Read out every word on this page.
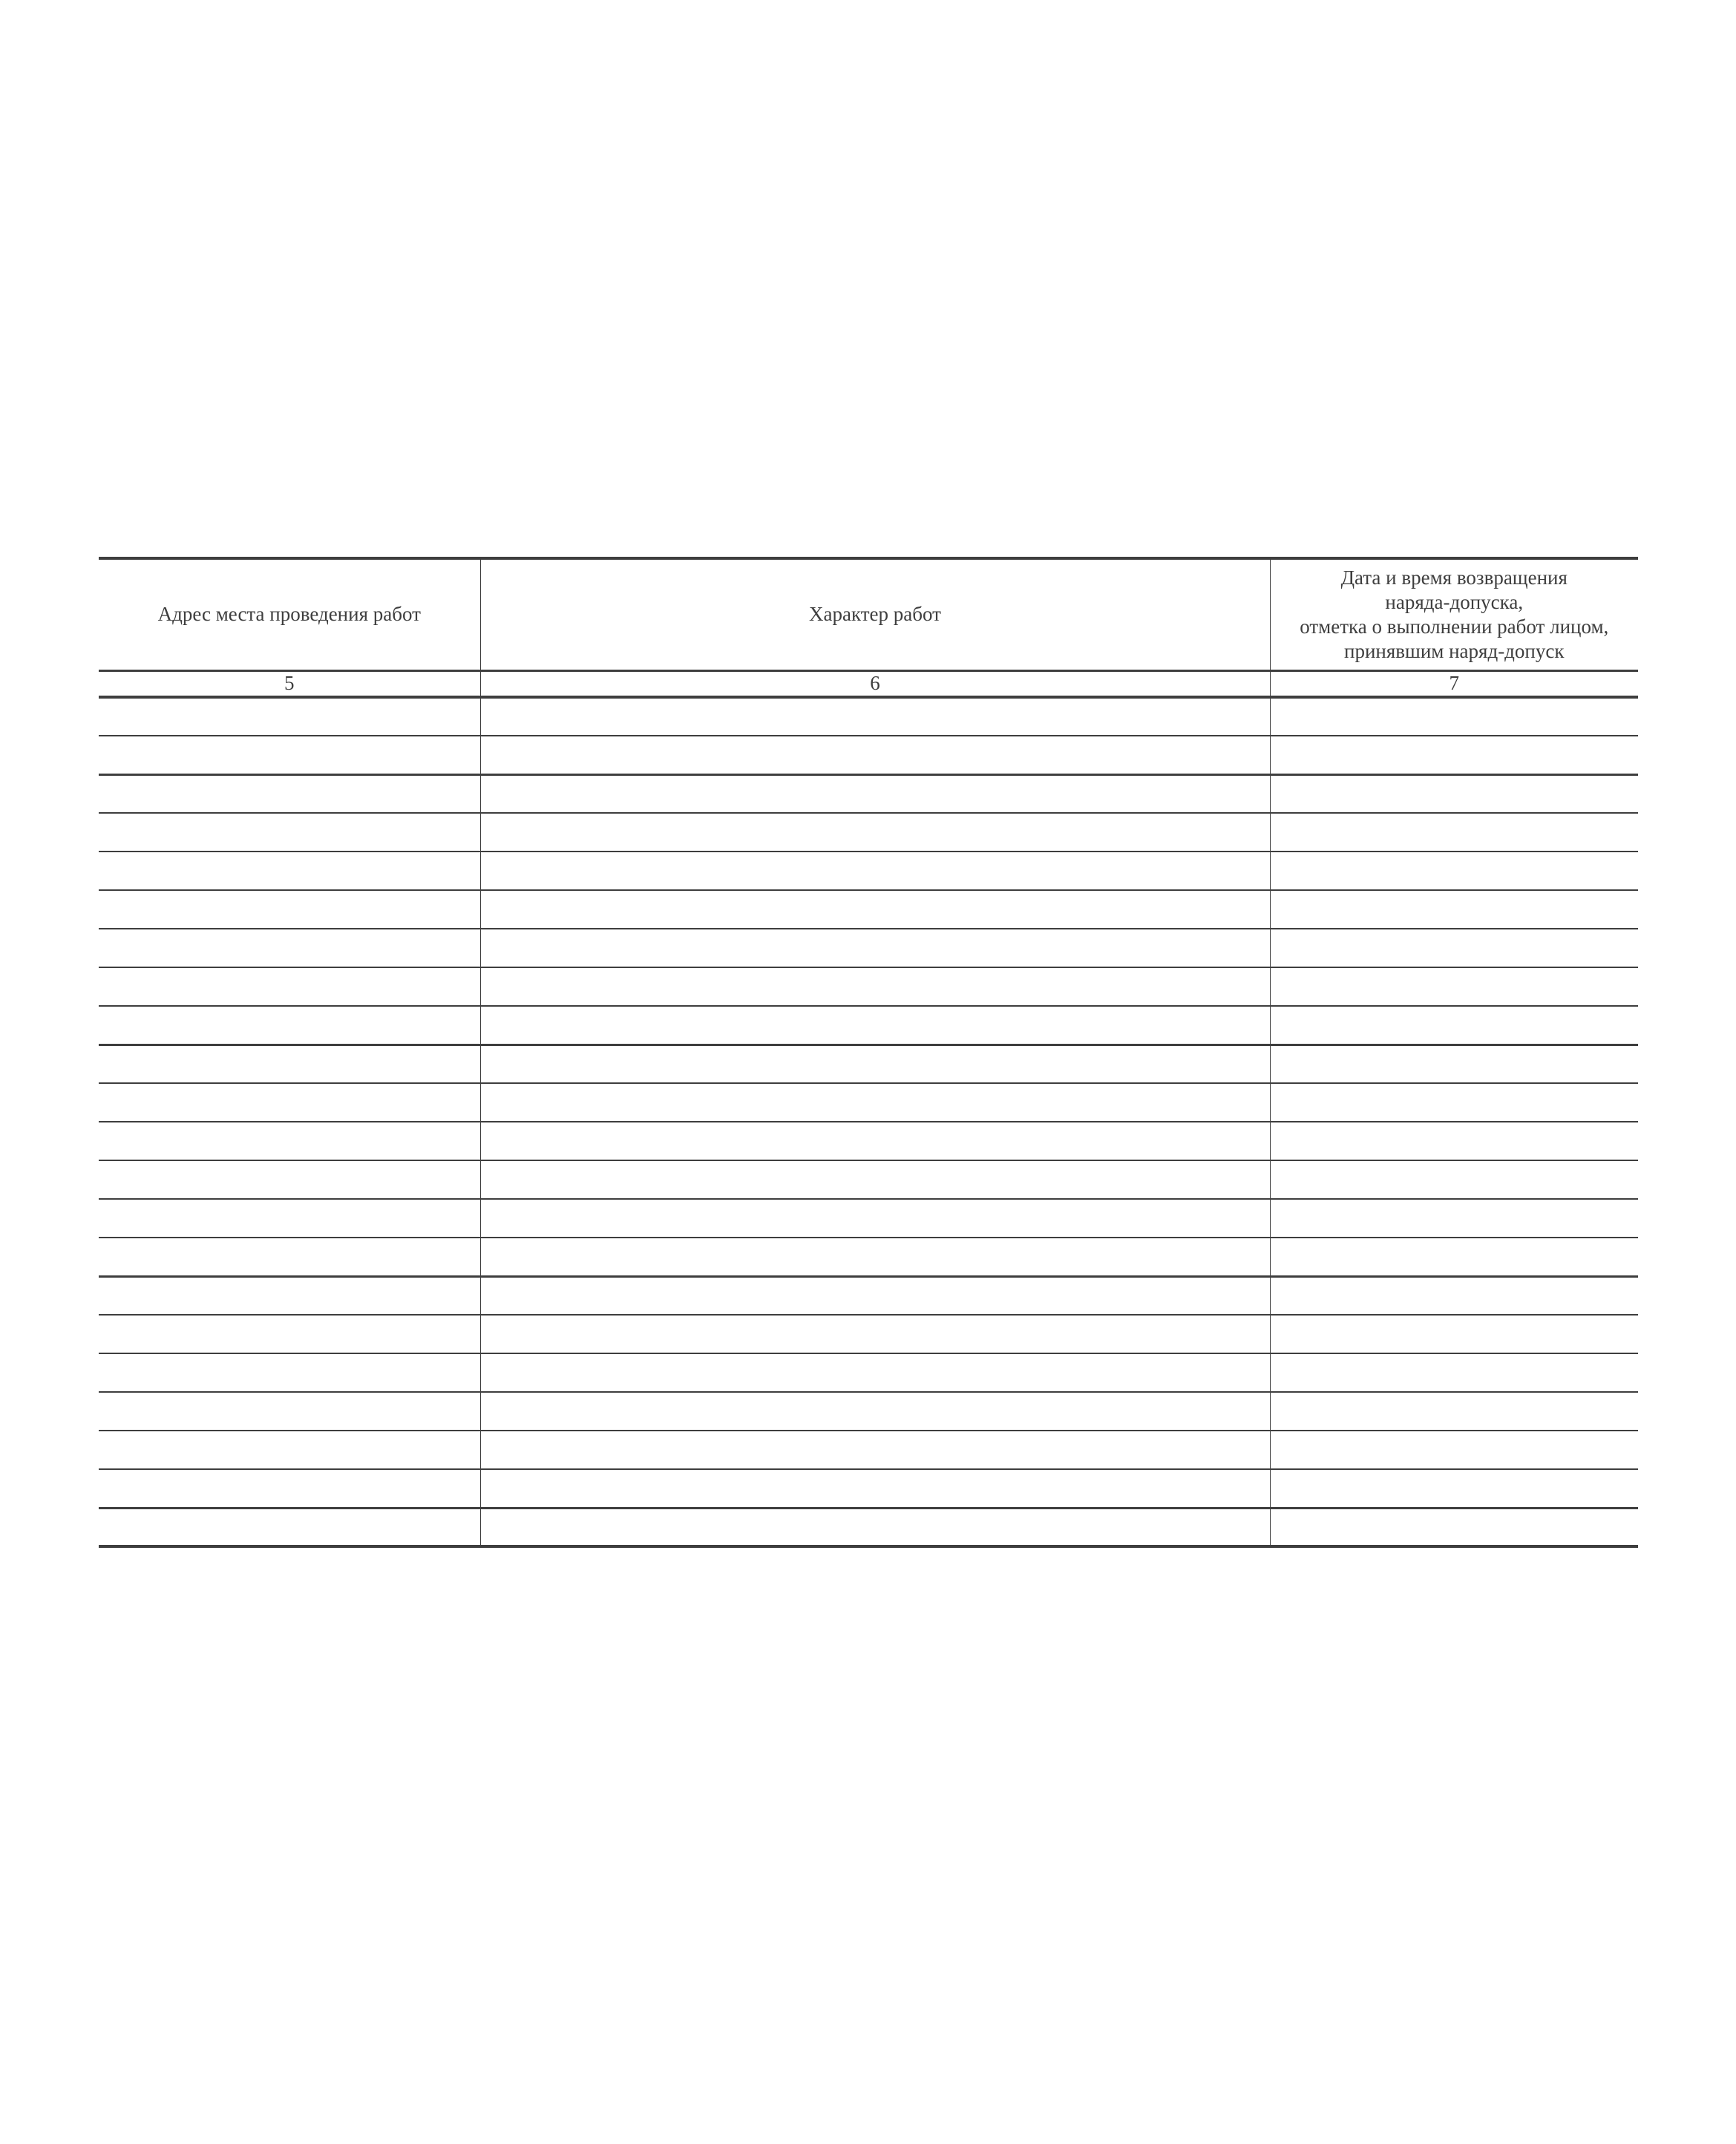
Адрес места проведения работ	Характер работ	Дата и время возвращения
наряда-допуска,
отметка о выполнении работ лицом,
принявшим наряд-допуск

5	6	7
